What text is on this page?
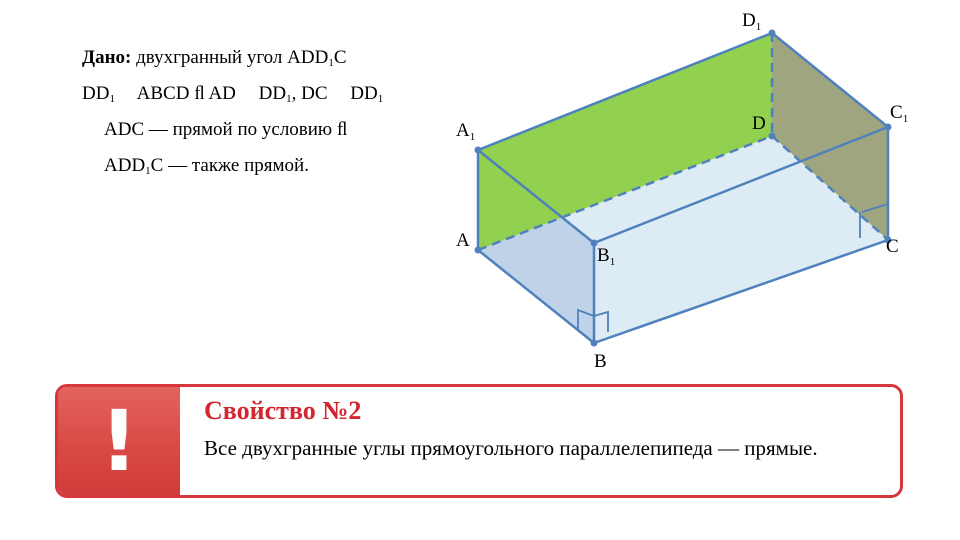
Дано: двухгранный угол $ADD_1C$
$DD_1$ ABCD ﬂ AD $DD_1$, DC $DD_1$
ADC — прямой по условию ﬂ
$ADD_1C$ — также прямой.
$D_1$
D
$C_1$
C
$A_1$
A
$B_1$
B
!	Свойство №2
Все двухгранные углы прямоугольного параллелепипеда — прямые.
